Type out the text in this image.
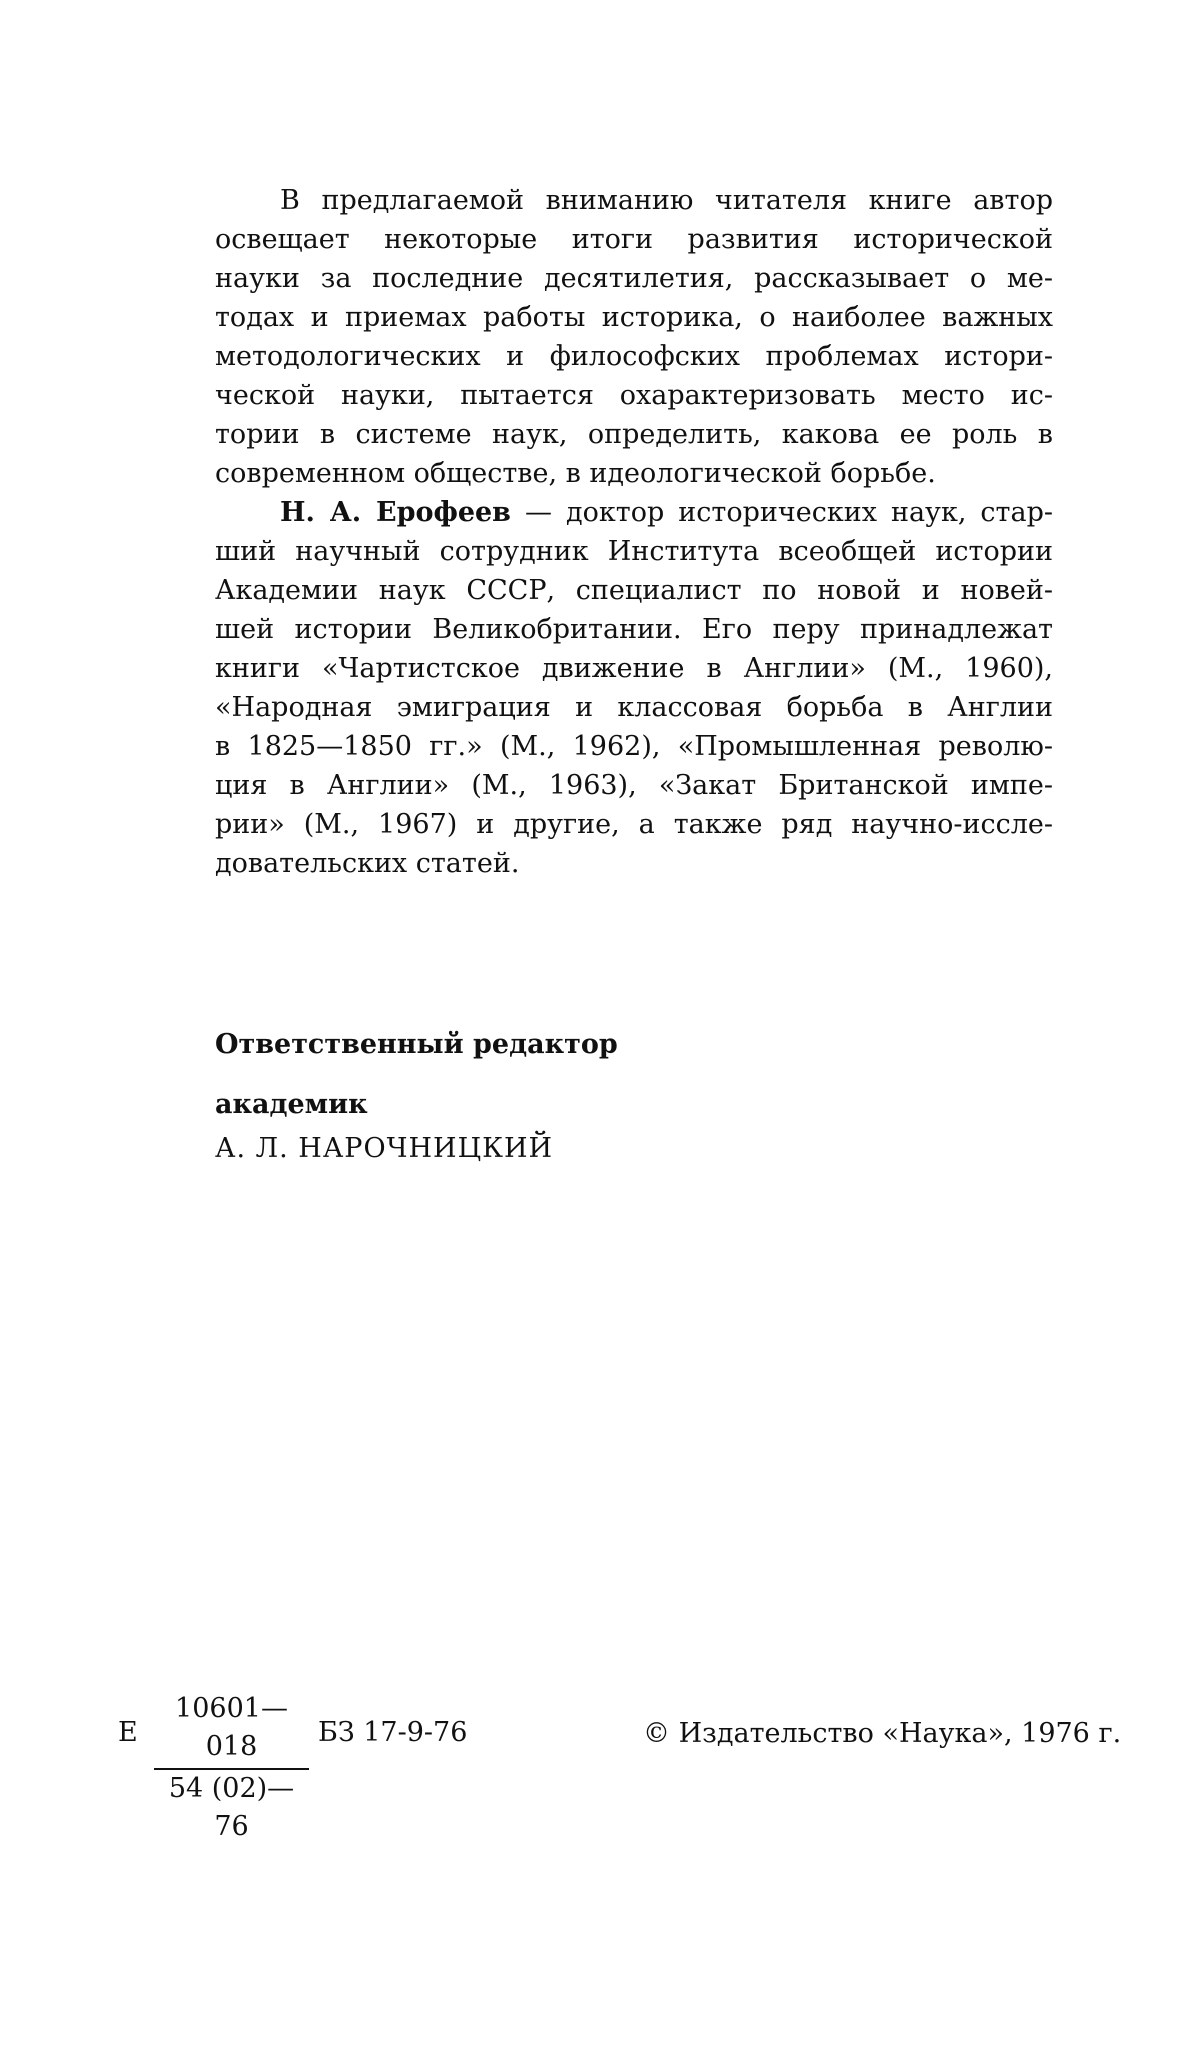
В предлагаемой вниманию читателя книге автор
освещает некоторые итоги развития исторической
науки за последние десятилетия, рассказывает о ме-
тодах и приемах работы историка, о наиболее важных
методологических и философских проблемах истори-
ческой науки, пытается охарактеризовать место ис-
тории в системе наук, определить, какова ее роль в
современном обществе, в идеологической борьбе.
Н. А. Ерофеев — доктор исторических наук, стар-
ший научный сотрудник Института всеобщей истории
Академии наук СССР, специалист по новой и новей-
шей истории Великобритании. Его перу принадлежат
книги «Чартистское движение в Англии» (М., 1960),
«Народная эмиграция и классовая борьба в Англии
в 1825—1850 гг.» (М., 1962), «Промышленная револю-
ция в Англии» (М., 1963), «Закат Британской импе-
рии» (М., 1967) и другие, а также ряд научно-иссле-
довательских статей.
Ответственный редактор
академик
А. Л. НАРОЧНИЦКИЙ
Е $\frac{10601—018}{54 (02)—76}$ БЗ 17-9-76	© Издательство «Наука», 1976 г.
